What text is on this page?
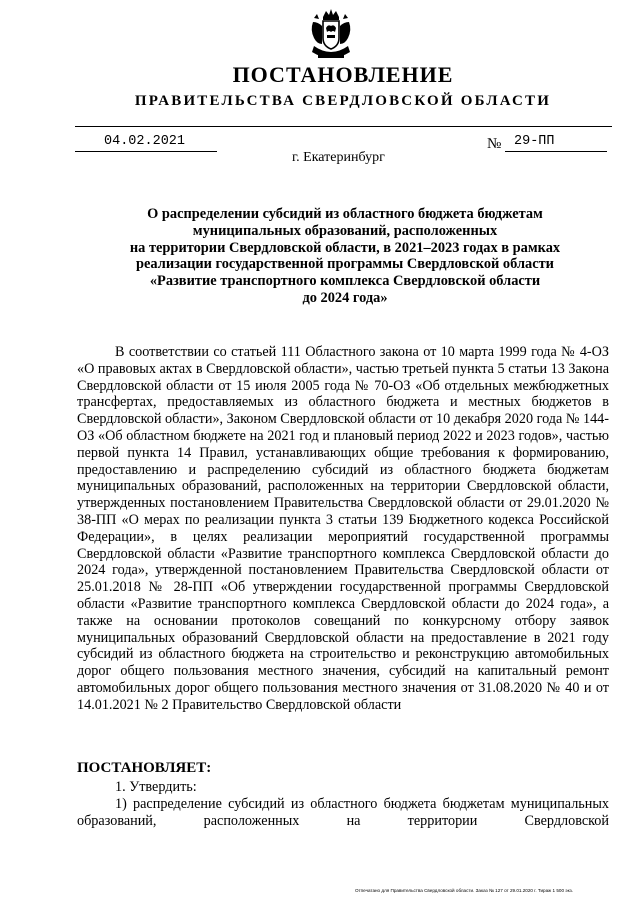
ПОСТАНОВЛЕНИЕ
ПРАВИТЕЛЬСТВА СВЕРДЛОВСКОЙ ОБЛАСТИ
04.02.2021	№ 29-ПП
г. Екатеринбург
О распределении субсидий из областного бюджета бюджетам
муниципальных образований, расположенных
на территории Свердловской области, в 2021–2023 годах в рамках
реализации государственной программы Свердловской области
«Развитие транспортного комплекса Свердловской области
до 2024 года»

В соответствии со статьей 111 Областного закона от 10 марта 1999 года № 4-ОЗ «О правовых актах в Свердловской области», частью третьей пункта 5 статьи 13 Закона Свердловской области от 15 июля 2005 года № 70-ОЗ «Об отдельных межбюджетных трансфертах, предоставляемых из областного бюджета и местных бюджетов в Свердловской области», Законом Свердловской области от 10 декабря 2020 года № 144-ОЗ «Об областном бюджете на 2021 год и плановый период 2022 и 2023 годов», частью первой пункта 14 Правил, устанавливающих общие требования к формированию, предоставлению и распределению субсидий из областного бюджета бюджетам муниципальных образований, расположенных на территории Свердловской области, утвержденных постановлением Правительства Свердловской области от 29.01.2020 № 38-ПП «О мерах по реализации пункта 3 статьи 139 Бюджетного кодекса Российской Федерации», в целях реализации мероприятий государственной программы Свердловской области «Развитие транспортного комплекса Свердловской области до 2024 года», утвержденной постановлением Правительства Свердловской области от 25.01.2018 № 28-ПП «Об утверждении государственной программы Свердловской области «Развитие транспортного комплекса Свердловской области до 2024 года», а также на основании протоколов совещаний по конкурсному отбору заявок муниципальных образований Свердловской области на предоставление в 2021 году субсидий из областного бюджета на строительство и реконструкцию автомобильных дорог общего пользования местного значения, субсидий на капитальный ремонт автомобильных дорог общего пользования местного значения от 31.08.2020 № 40 и от 14.01.2021 № 2 Правительство Свердловской области

ПОСТАНОВЛЯЕТ:
1. Утвердить:
1) распределение субсидий из областного бюджета бюджетам муниципальных образований, расположенных на территории Свердловской
Отпечатано для Правительства Свердловской области. Заказ № 127 от 29.01.2020 г. Тираж 1 500 экз.
